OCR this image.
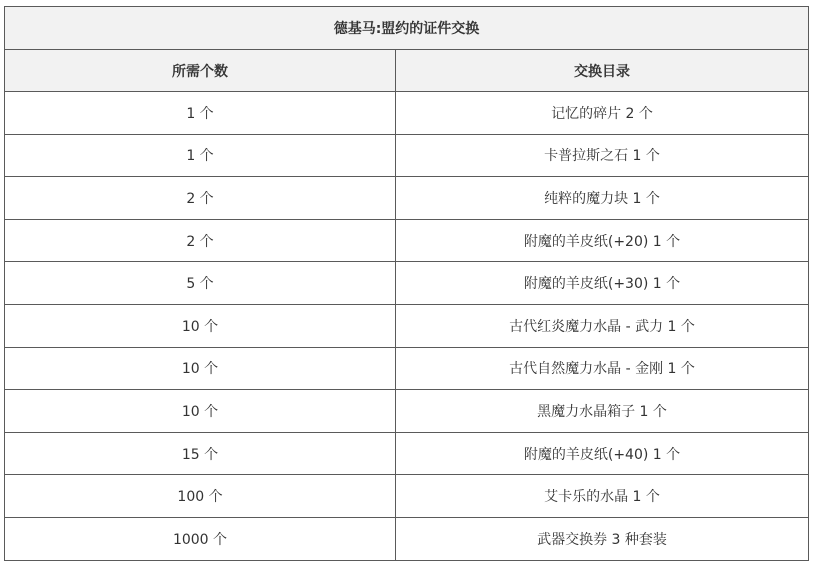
德基马:盟约的证件交换	
所需个数	交换目录
1 个	记忆的碎片 2 个
1 个	卡普拉斯之石 1 个
2 个	纯粹的魔力块 1 个
2 个	附魔的羊皮纸(+20) 1 个
5 个	附魔的羊皮纸(+30) 1 个
10 个	古代红炎魔力水晶 - 武力 1 个
10 个	古代自然魔力水晶 - 金刚 1 个
10 个	黑魔力水晶箱子 1 个
15 个	附魔的羊皮纸(+40) 1 个
100 个	艾卡乐的水晶 1 个
1000 个	武器交换券 3 种套装
